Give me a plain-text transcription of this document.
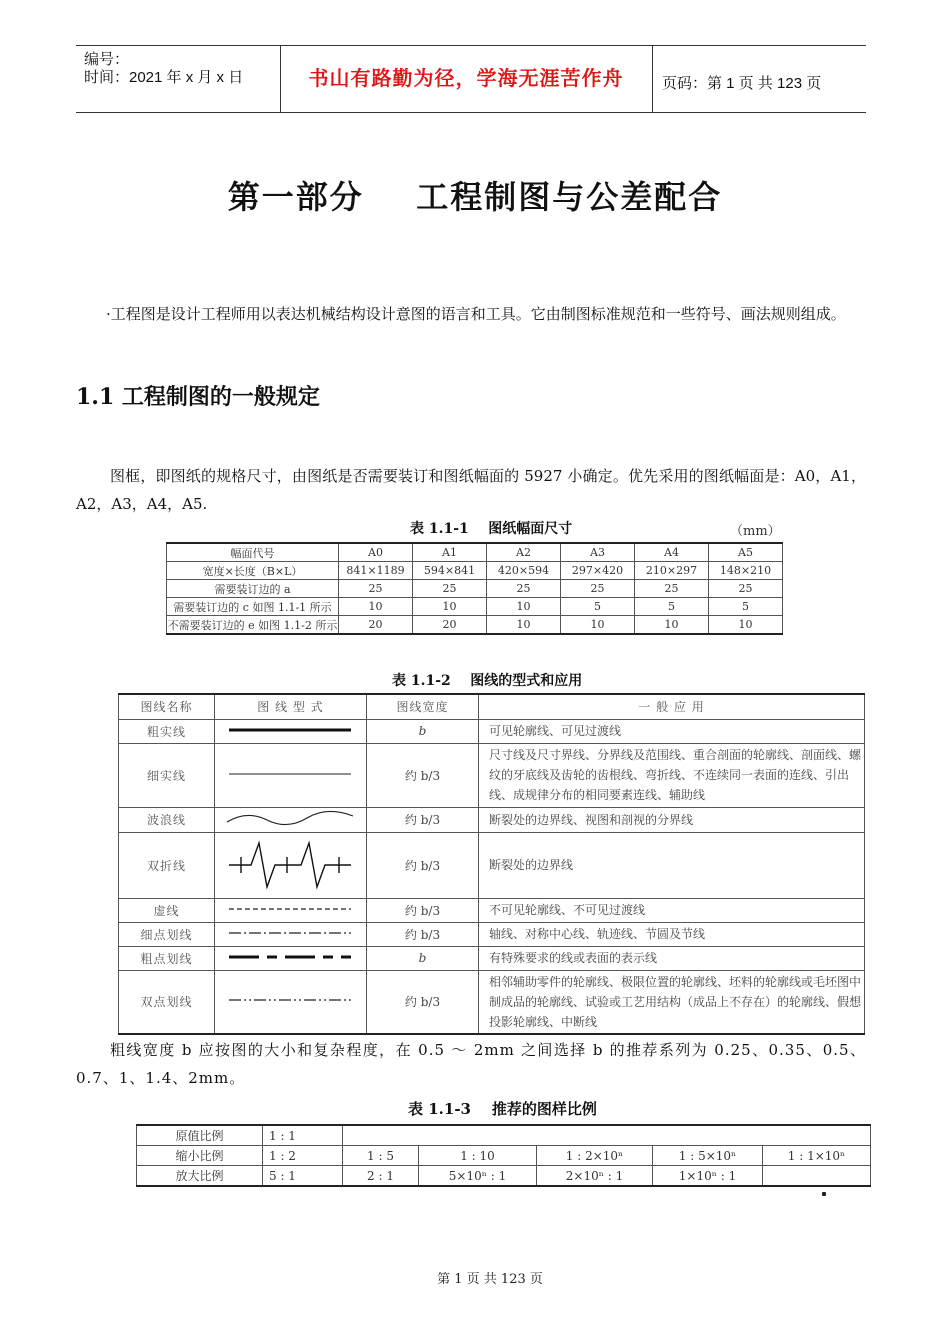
编号：
时间：2021 年 x 月 x 日	书山有路勤为径，学海无涯苦作舟	页码：第 1 页 共 123 页
第一部分    工程制图与公差配合
·工程图是设计工程师用以表达机械结构设计意图的语言和工具。它由制图标准规范和一些符号、画法规则组成。
1.1 工程制图的一般规定
图框，即图纸的规格尺寸，由图纸是否需要装订和图纸幅面的 5927 小确定。优先采用的图纸幅面是：A0，A1，A2，A3，A4，A5.
表 1.1-1    图纸幅面尺寸	（mm）
幅面代号	A0	A1	A2	A3	A4	A5
宽度×长度（B×L）	841×1189	594×841	420×594	297×420	210×297	148×210
需要装订边的 a	25	25	25	25	25	25
需要装订边的 c 如图 1.1-1 所示	10	10	10	5	5	5
不需要装订边的 e 如图 1.1-2 所示	20	20	10	10	10	10
表 1.1-2    图线的型式和应用
图线名称	图 线 型 式	图线宽度	一 般 应 用
粗实线		b	可见轮廓线、可见过渡线
细实线		约 b/3	尺寸线及尺寸界线、分界线及范围线、重合剖面的轮廓线、剖面线、螺纹的牙底线及齿轮的齿根线、弯折线、不连续同一表面的连线、引出线、成规律分布的相同要素连线、辅助线
波浪线		约 b/3	断裂处的边界线、视图和剖视的分界线
双折线		约 b/3	断裂处的边界线
虚线		约 b/3	不可见轮廓线、不可见过渡线
细点划线		约 b/3	轴线、对称中心线、轨迹线、节圆及节线
粗点划线		b	有特殊要求的线或表面的表示线
双点划线		约 b/3	相邻辅助零件的轮廓线、极限位置的轮廓线、坯料的轮廓线或毛坯图中制成品的轮廓线、试验或工艺用结构（成品上不存在）的轮廓线、假想投影轮廓线、中断线
粗线宽度 b 应按图的大小和复杂程度，在 0.5 ～ 2mm 之间选择 b 的推荐系列为 0.25、0.35、0.5、0.7、1、1.4、2mm。
表 1.1-3    推荐的图样比例
原值比例	1 : 1					
缩小比例	1 : 2	1 : 5	1 : 10	1 : 2×10ⁿ	1 : 5×10ⁿ	1 : 1×10ⁿ
放大比例	5 : 1	2 : 1	5×10ⁿ : 1	2×10ⁿ : 1	1×10ⁿ : 1	
第 1 页 共 123 页
